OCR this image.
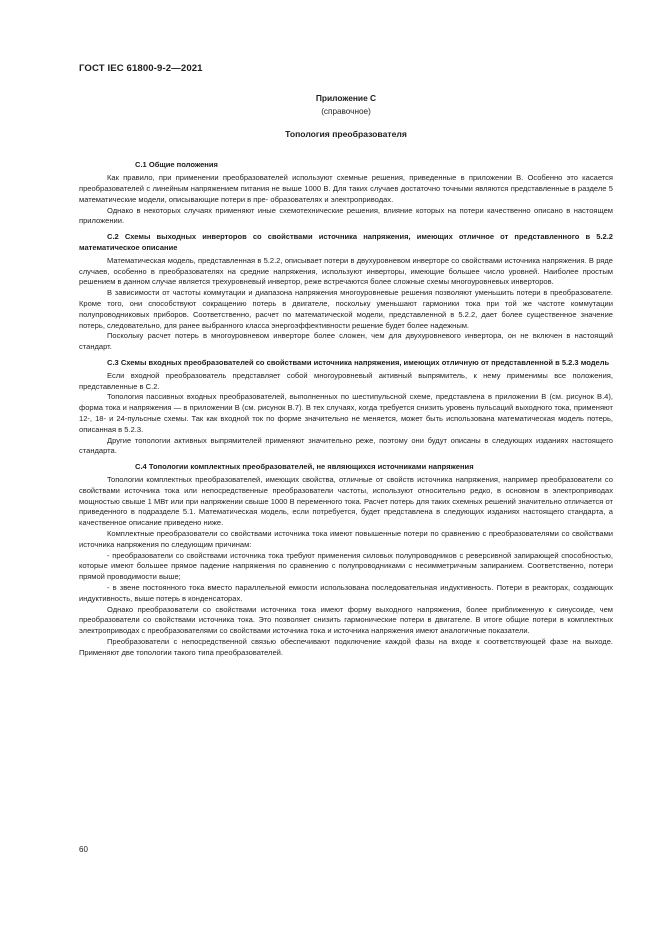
ГОСТ IEC 61800-9-2—2021
Приложение С
(справочное)
Топология преобразователя

С.1 Общие положения

Как правило, при применении преобразователей используют схемные решения, приведенные в приложении В. Особенно это касается преобразователей с линейным напряжением питания не выше 1000 В. Для таких случаев достаточно точными являются представленные в разделе 5 математические модели, описывающие потери в пре- образователях и электроприводах.

Однако в некоторых случаях применяют иные схемотехнические решения, влияние которых на потери качественно описано в настоящем приложении.

С.2 Схемы выходных инверторов со свойствами источника напряжения, имеющих отличное от представленного в 5.2.2 математическое описание

Математическая модель, представленная в 5.2.2, описывает потери в двухуровневом инверторе со свойствами источника напряжения. В ряде случаев, особенно в преобразователях на средние напряжения, используют инверторы, имеющие большее число уровней. Наиболее простым решением в данном случае является трехуровневый инвертор, реже встречаются более сложные схемы многоуровневых инверторов.

В зависимости от частоты коммутации и диапазона напряжения многоуровневые решения позволяют уменьшить потери в преобразователе. Кроме того, они способствуют сокращению потерь в двигателе, поскольку уменьшают гармоники тока при той же частоте коммутации полупроводниковых приборов. Соответственно, расчет по математической модели, представленной в 5.2.2, дает более существенное значение потерь, следовательно, для ранее выбранного класса энергоэффективности решение будет более надежным.

Поскольку расчет потерь в многоуровневом инверторе более сложен, чем для двухуровневого инвертора, он не включен в настоящий стандарт.

С.3 Схемы входных преобразователей со свойствами источника напряжения, имеющих отличную от представленной в 5.2.3 модель

Если входной преобразователь представляет собой многоуровневый активный выпрямитель, к нему применимы все положения, представленные в С.2.

Топология пассивных входных преобразователей, выполненных по шестипульсной схеме, представлена в приложении В (см. рисунок В.4), форма тока и напряжения — в приложении В (см. рисунок В.7). В тех случаях, когда требуется снизить уровень пульсаций выходного тока, применяют 12-, 18- и 24-пульсные схемы. Так как входной ток по форме значительно не меняется, может быть использована математическая модель потерь, описанная в 5.2.3.

Другие топологии активных выпрямителей применяют значительно реже, поэтому они будут описаны в следующих изданиях настоящего стандарта.

С.4 Топологии комплектных преобразователей, не являющихся источниками напряжения

Топологии комплектных преобразователей, имеющих свойства, отличные от свойств источника напряжения, например преобразователи со свойствами источника тока или непосредственные преобразователи частоты, используют относительно редко, в основном в электроприводах мощностью свыше 1 МВт или при напряжении свыше 1000 В переменного тока. Расчет потерь для таких схемных решений значительно отличается от приведенного в подразделе 5.1. Математическая модель, если потребуется, будет представлена в следующих изданиях настоящего стандарта, а качественное описание приведено ниже.

Комплектные преобразователи со свойствами источника тока имеют повышенные потери по сравнению с преобразователями со свойствами источника напряжения по следующим причинам:

- преобразователи со свойствами источника тока требуют применения силовых полупроводников с реверсивной запирающей способностью, которые имеют большее прямое падение напряжения по сравнению с полупроводниками с несимметричным запиранием. Соответственно, потери прямой проводимости выше;

- в звене постоянного тока вместо параллельной емкости использована последовательная индуктивность. Потери в реакторах, создающих индуктивность, выше потерь в конденсаторах.

Однако преобразователи со свойствами источника тока имеют форму выходного напряжения, более приближенную к синусоиде, чем преобразователи со свойствами источника тока. Это позволяет снизить гармонические потери в двигателе. В итоге общие потери в комплектных электроприводах с преобразователями со свойствами источника тока и источника напряжения имеют аналогичные показатели.

Преобразователи с непосредственной связью обеспечивают подключение каждой фазы на входе к соответствующей фазе на выходе. Применяют две топологии такого типа преобразователей.

60
